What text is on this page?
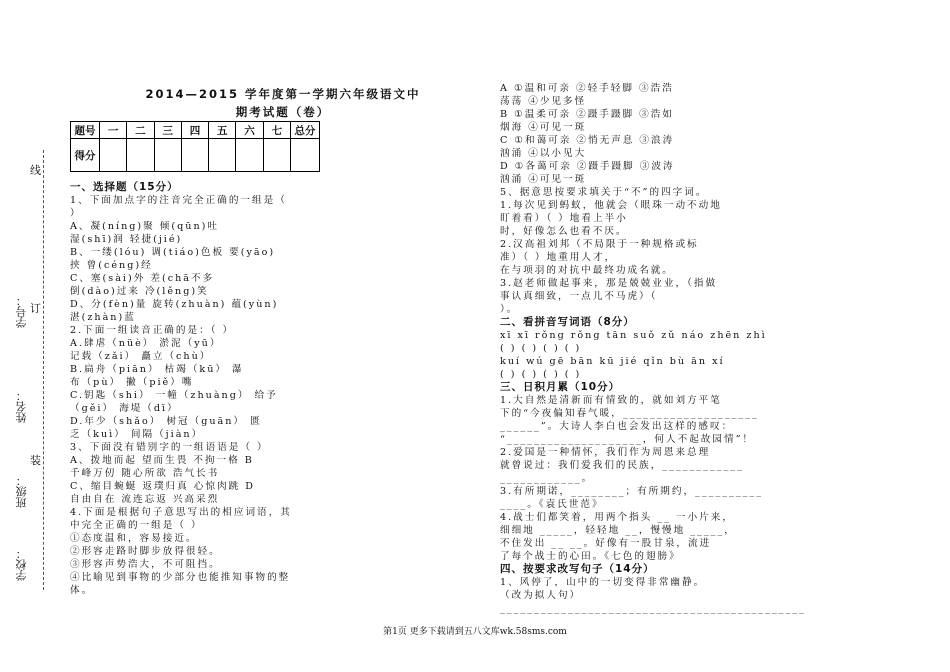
线
学号： 订
姓名：
装
班级：
学校：
2014—2015 学年度第一学期六年级语文中
期考试题（卷）
题号	一	二	三	四	五	六	七	总分
得分								

一、选择题（15分）

1、下面加点字的注音完全正确的一组是（

）

A、凝(níng)聚 倾(qūn)吐

湿(shī)润 轻捷(jié)

B、一缕(lóu) 调(tiáo)色板 要(yāo)

挟 曾(céng)经

C、塞(sài)外 差(chā不多

倒(dào)过来 冷(lěng)笑

D、分(fèn)量 旋转(zhuàn) 蕴(yùn)

湛(zhàn)蓝

2.下面一组读音正确的是：（ ）

A.肆虐（nüè） 淤泥（yū）

记载（zǎi） 矗立（chù）

B.扁舟（piān） 枯竭（kū） 瀑

布（pù） 撇（piě）嘴

C.钥匙（shi） 一幢（zhuàng） 给予

（gěi） 海堤（dī）

D.年少（shǎo） 树冠（guān） 匮

乏（kuì） 间隔（jiàn）

3、下面没有错别字的一组语语是（ ）

A、拨地而起 望而生畏 不拘一格 B

千峰万仞 随心所欲 浩气长书

C、缩目蜿蜒 返璞归真 心惊肉跳 D

自由自在 流连忘返 兴高采烈

4.下面是根据句子意思写出的相应词语，其

中完全正确的一组是（ ）

①态度温和，容易接近。

②形容走路时脚步放得很轻。

③形容声势浩大，不可阻挡。

④比喻见到事物的少部分也能推知事物的整

体。

A ①温和可亲 ②轻手轻脚 ③浩浩

荡荡 ④少见多怪

B ①温柔可亲 ②蹑手蹑脚 ③浩如

烟海 ④可见一斑

C ①和蔼可亲 ②悄无声息 ③浪涛

汹涌 ④以小见大

D ①各蔼可亲 ②蹑手蹑脚 ③波涛

汹涌 ④可见一斑

5、据意思按要求填关于“不”的四字词。

1.每次见到蚂蚁，他就会（眼珠一动不动地

盯着看）（ ）地看上半小

时，好像怎么也看不厌。

2.汉高祖刘邦（不局限于一种规格或标

准）（ ）地重用人才，

在与项羽的对抗中最终功成名就。

3.赵老师做起事来，那是兢兢业业，（指做

事认真细致，一点儿不马虎）（

）。

二、看拼音写词语（8分）

xī xī rǒng rǒng tān suǒ zǔ náo zhēn zhì

( ) ( ) ( ) ( )

kuí wú gē bān kū jié qǐn bù ān xí

( ) ( ) ( ) ( )

三、日积月累（10分）

1.大自然是清新而有情致的，就如刘方平笔

下的“今夜偏知春气暖，____________________

______”。大诗人李白也会发出这样的感叹：

“____________________，何人不起故园情”！

2.爱国是一种情怀，我们作为周恩来总理

就曾说过：我们爱我们的民族，____________

____________。

3.有所期诺，________；有所期约，__________

____。《袁氏世范》

4.战士们都笑着，用两个指头 __ 一小片来，

细细地 _____，轻轻地 __，慢慢地 _____，

不住发出 __ __。好像有一股甘泉，流进

了每个战士的心田。《七色的翅膀》

四、按要求改写句子（14分）

1、风停了，山中的一切变得非常幽静。

（改为拟人句）

_____________________________________________

第1页 更多下载请到五八文库wk.58sms.com
